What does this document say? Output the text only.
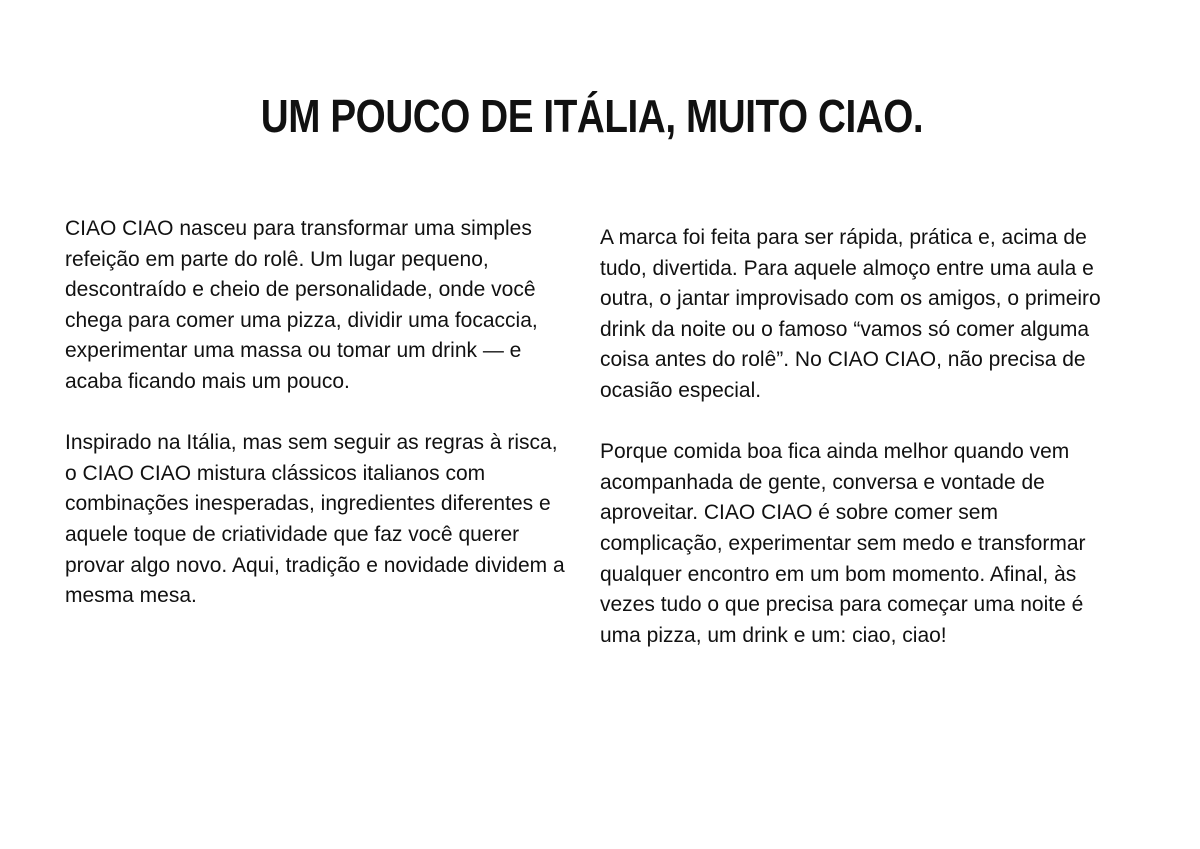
UM POUCO DE ITÁLIA, MUITO CIAO.

CIAO CIAO nasceu para transformar uma simples refeição em parte do rolê. Um lugar pequeno, descontraído e cheio de personalidade, onde você chega para comer uma pizza, dividir uma focaccia, experimentar uma massa ou tomar um drink — e acaba ficando mais um pouco.

Inspirado na Itália, mas sem seguir as regras à risca, o CIAO CIAO mistura clássicos italianos com combinações inesperadas, ingredientes diferentes e aquele toque de criatividade que faz você querer provar algo novo. Aqui, tradição e novidade dividem a mesma mesa.

A marca foi feita para ser rápida, prática e, acima de tudo, divertida. Para aquele almoço entre uma aula e outra, o jantar improvisado com os amigos, o primeiro drink da noite ou o famoso “vamos só comer alguma coisa antes do rolê”. No CIAO CIAO, não precisa de ocasião especial.

Porque comida boa fica ainda melhor quando vem acompanhada de gente, conversa e vontade de aproveitar. CIAO CIAO é sobre comer sem complicação, experimentar sem medo e transformar qualquer encontro em um bom momento. Afinal, às vezes tudo o que precisa para começar uma noite é uma pizza, um drink e um: ciao, ciao!
